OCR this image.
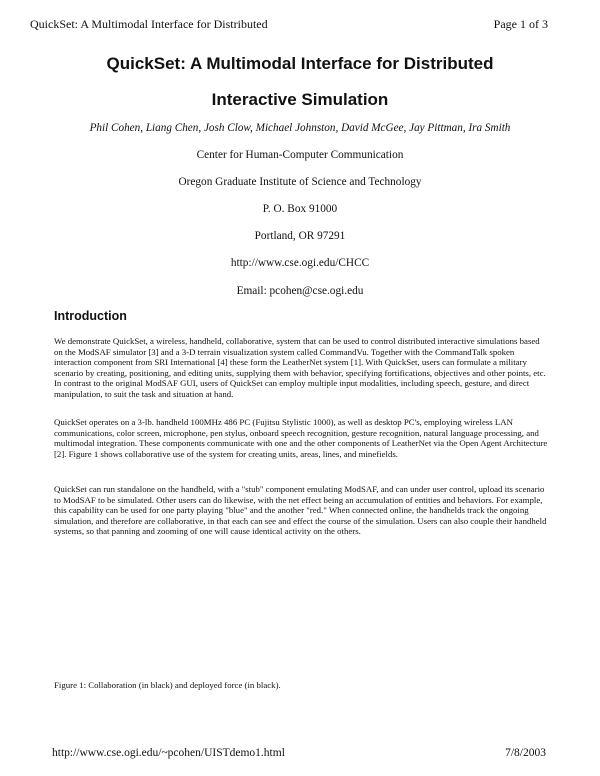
QuickSet: A Multimodal Interface for Distributed	Page 1 of 3
QuickSet: A Multimodal Interface for Distributed
Interactive Simulation
Phil Cohen, Liang Chen, Josh Clow, Michael Johnston, David McGee, Jay Pittman, Ira Smith
Center for Human-Computer Communication
Oregon Graduate Institute of Science and Technology
P. O. Box 91000
Portland, OR 97291
http://www.cse.ogi.edu/CHCC
Email: pcohen@cse.ogi.edu
Introduction

We demonstrate QuickSet, a wireless, handheld, collaborative, system that can be used to control distributed interactive simulations based on the ModSAF simulator [3] and a 3-D terrain visualization system called CommandVu. Together with the CommandTalk spoken interaction component from SRI International [4] these form the LeatherNet system [1]. With QuickSet, users can formulate a military scenario by creating, positioning, and editing units, supplying them with behavior, specifying fortifications, objectives and other points, etc. In contrast to the original ModSAF GUI, users of QuickSet can employ multiple input modalities, including speech, gesture, and direct manipulation, to suit the task and situation at hand.

QuickSet operates on a 3-lb. handheld 100MHz 486 PC (Fujitsu Stylistic 1000), as well as desktop PC's, employing wireless LAN communications, color screen, microphone, pen stylus, onboard speech recognition, gesture recognition, natural language processing, and multimodal integration. These components communicate with one and the other components of LeatherNet via the Open Agent Architecture [2]. Figure 1 shows collaborative use of the system for creating units, areas, lines, and minefields.

QuickSet can run standalone on the handheld, with a "stub" component emulating ModSAF, and can under user control, upload its scenario to ModSAF to be simulated. Other users can do likewise, with the net effect being an accumulation of entities and behaviors. For example, this capability can be used for one party playing "blue" and the another "red." When connected online, the handhelds track the ongoing simulation, and therefore are collaborative, in that each can see and effect the course of the simulation. Users can also couple their handheld systems, so that panning and zooming of one will cause identical activity on the others.

Figure 1: Collaboration (in black) and deployed force (in black).

http://www.cse.ogi.edu/~pcohen/UISTdemo1.html	7/8/2003
